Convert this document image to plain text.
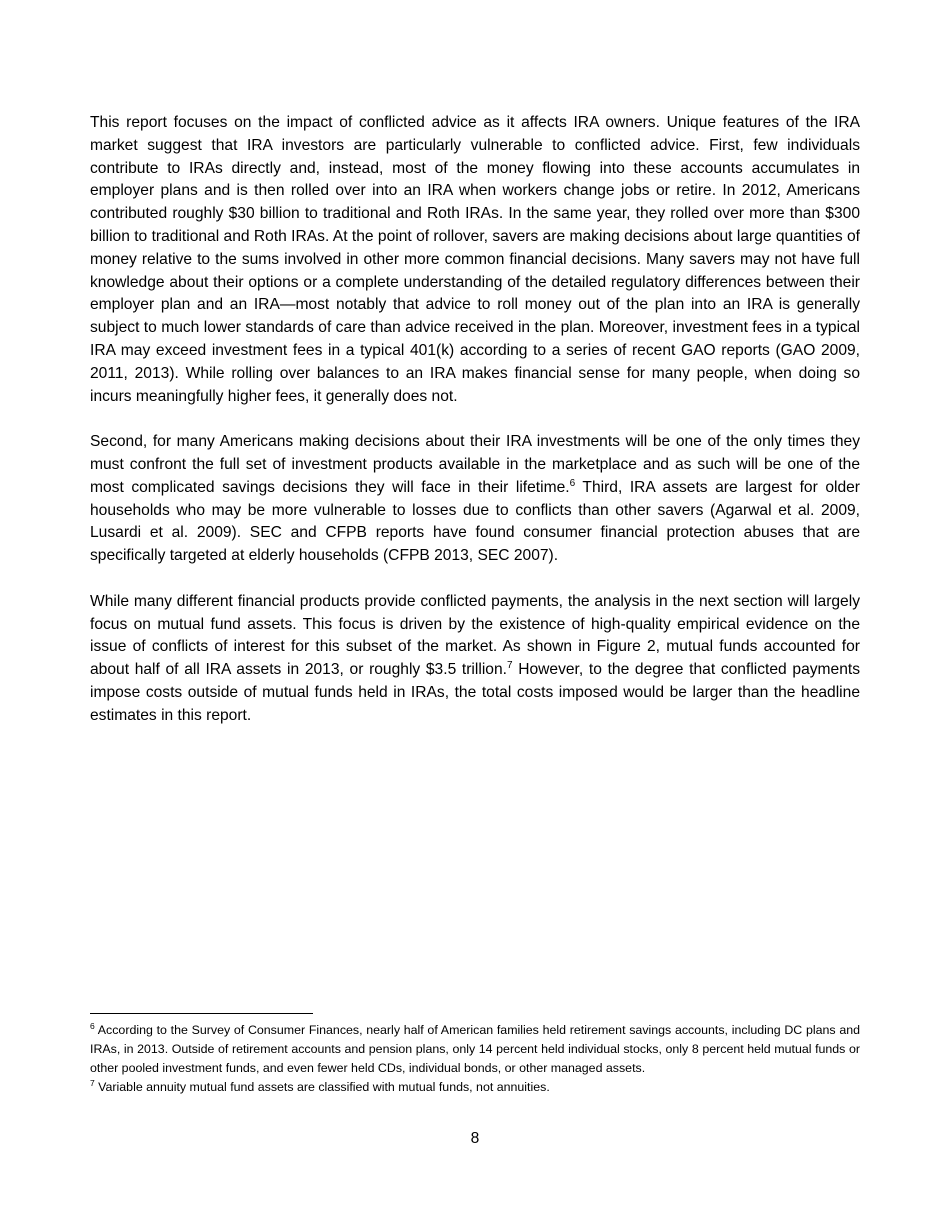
This report focuses on the impact of conflicted advice as it affects IRA owners. Unique features of the IRA market suggest that IRA investors are particularly vulnerable to conflicted advice. First, few individuals contribute to IRAs directly and, instead, most of the money flowing into these accounts accumulates in employer plans and is then rolled over into an IRA when workers change jobs or retire. In 2012, Americans contributed roughly $30 billion to traditional and Roth IRAs. In the same year, they rolled over more than $300 billion to traditional and Roth IRAs. At the point of rollover, savers are making decisions about large quantities of money relative to the sums involved in other more common financial decisions. Many savers may not have full knowledge about their options or a complete understanding of the detailed regulatory differences between their employer plan and an IRA—most notably that advice to roll money out of the plan into an IRA is generally subject to much lower standards of care than advice received in the plan. Moreover, investment fees in a typical IRA may exceed investment fees in a typical 401(k) according to a series of recent GAO reports (GAO 2009, 2011, 2013). While rolling over balances to an IRA makes financial sense for many people, when doing so incurs meaningfully higher fees, it generally does not.

Second, for many Americans making decisions about their IRA investments will be one of the only times they must confront the full set of investment products available in the marketplace and as such will be one of the most complicated savings decisions they will face in their lifetime.$^6$ Third, IRA assets are largest for older households who may be more vulnerable to losses due to conflicts than other savers (Agarwal et al. 2009, Lusardi et al. 2009). SEC and CFPB reports have found consumer financial protection abuses that are specifically targeted at elderly households (CFPB 2013, SEC 2007).

While many different financial products provide conflicted payments, the analysis in the next section will largely focus on mutual fund assets. This focus is driven by the existence of high-quality empirical evidence on the issue of conflicts of interest for this subset of the market. As shown in Figure 2, mutual funds accounted for about half of all IRA assets in 2013, or roughly $3.5 trillion.$^7$ However, to the degree that conflicted payments impose costs outside of mutual funds held in IRAs, the total costs imposed would be larger than the headline estimates in this report.

$^6$ According to the Survey of Consumer Finances, nearly half of American families held retirement savings accounts, including DC plans and IRAs, in 2013. Outside of retirement accounts and pension plans, only 14 percent held individual stocks, only 8 percent held mutual funds or other pooled investment funds, and even fewer held CDs, individual bonds, or other managed assets.

$^7$ Variable annuity mutual fund assets are classified with mutual funds, not annuities.

8
